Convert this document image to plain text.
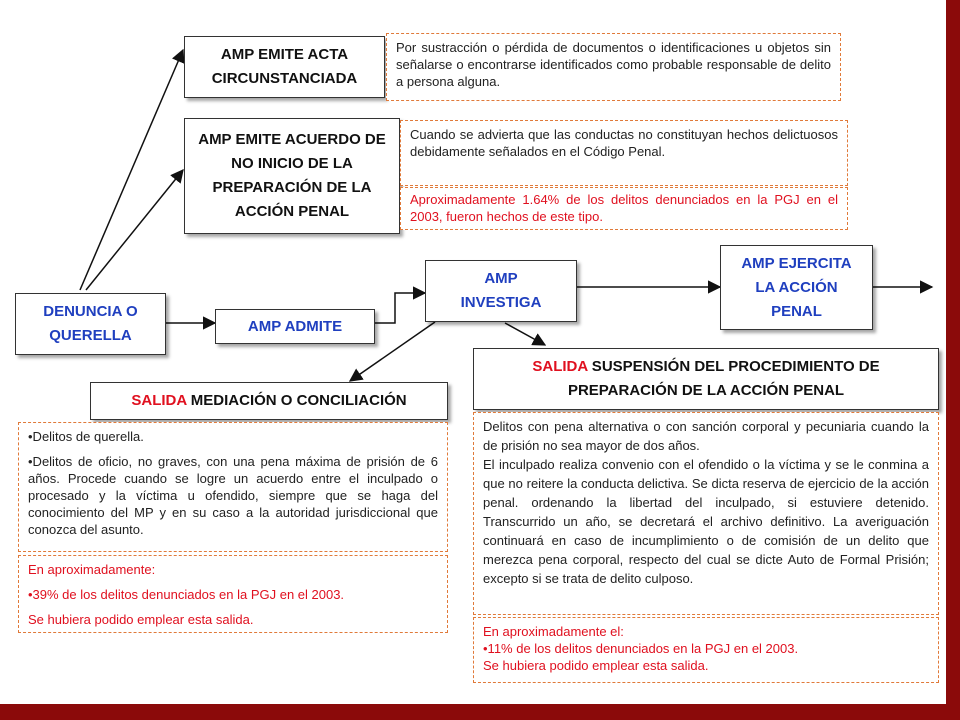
AMP EMITE ACTA CIRCUNSTANCIADA
AMP EMITE ACUERDO DE NO INICIO DE LA PREPARACIÓN DE LA ACCIÓN PENAL
DENUNCIA O QUERELLA
AMP ADMITE
AMP INVESTIGA
AMP EJERCITA LA ACCIÓN PENAL
SALIDA MEDIACIÓN O CONCILIACIÓN
SALIDA SUSPENSIÓN DEL PROCEDIMIENTO DE PREPARACIÓN DE LA ACCIÓN PENAL

Por sustracción o pérdida de documentos o identificaciones u objetos sin señalarse o encontrarse identificados como probable responsable de delito a persona alguna.

Cuando se advierta que las conductas no constituyan hechos delictuosos debidamente señalados en el Código Penal.

Aproximadamente 1.64% de los delitos denunciados en la PGJ en el 2003, fueron hechos de este tipo.

•Delitos de querella.

•Delitos de oficio, no graves, con una pena máxima de prisión de 6 años. Procede cuando se logre un acuerdo entre el inculpado o procesado y la víctima u ofendido, siempre que se haga del conocimiento del MP y en su caso a la autoridad jurisdiccional que conozca del asunto.

En aproximadamente:

•39% de los delitos denunciados en la PGJ en el 2003.

Se hubiera podido emplear esta salida.

Delitos con pena alternativa o con sanción corporal y pecuniaria cuando la de prisión no sea mayor de dos años.

El inculpado realiza convenio con el ofendido o la víctima y se le conmina a que no reitere la conducta delictiva. Se dicta reserva de ejercicio de la acción penal. ordenando la libertad del inculpado, si estuviere detenido. Transcurrido un año, se decretará el archivo definitivo. La averiguación continuará en caso de incumplimiento o de comisión de un delito que merezca pena corporal, respecto del cual se dicte Auto de Formal Prisión; excepto si se trata de delito culposo.

En aproximadamente el:

•11% de los delitos denunciados en la PGJ en el 2003.

Se hubiera podido emplear esta salida.
